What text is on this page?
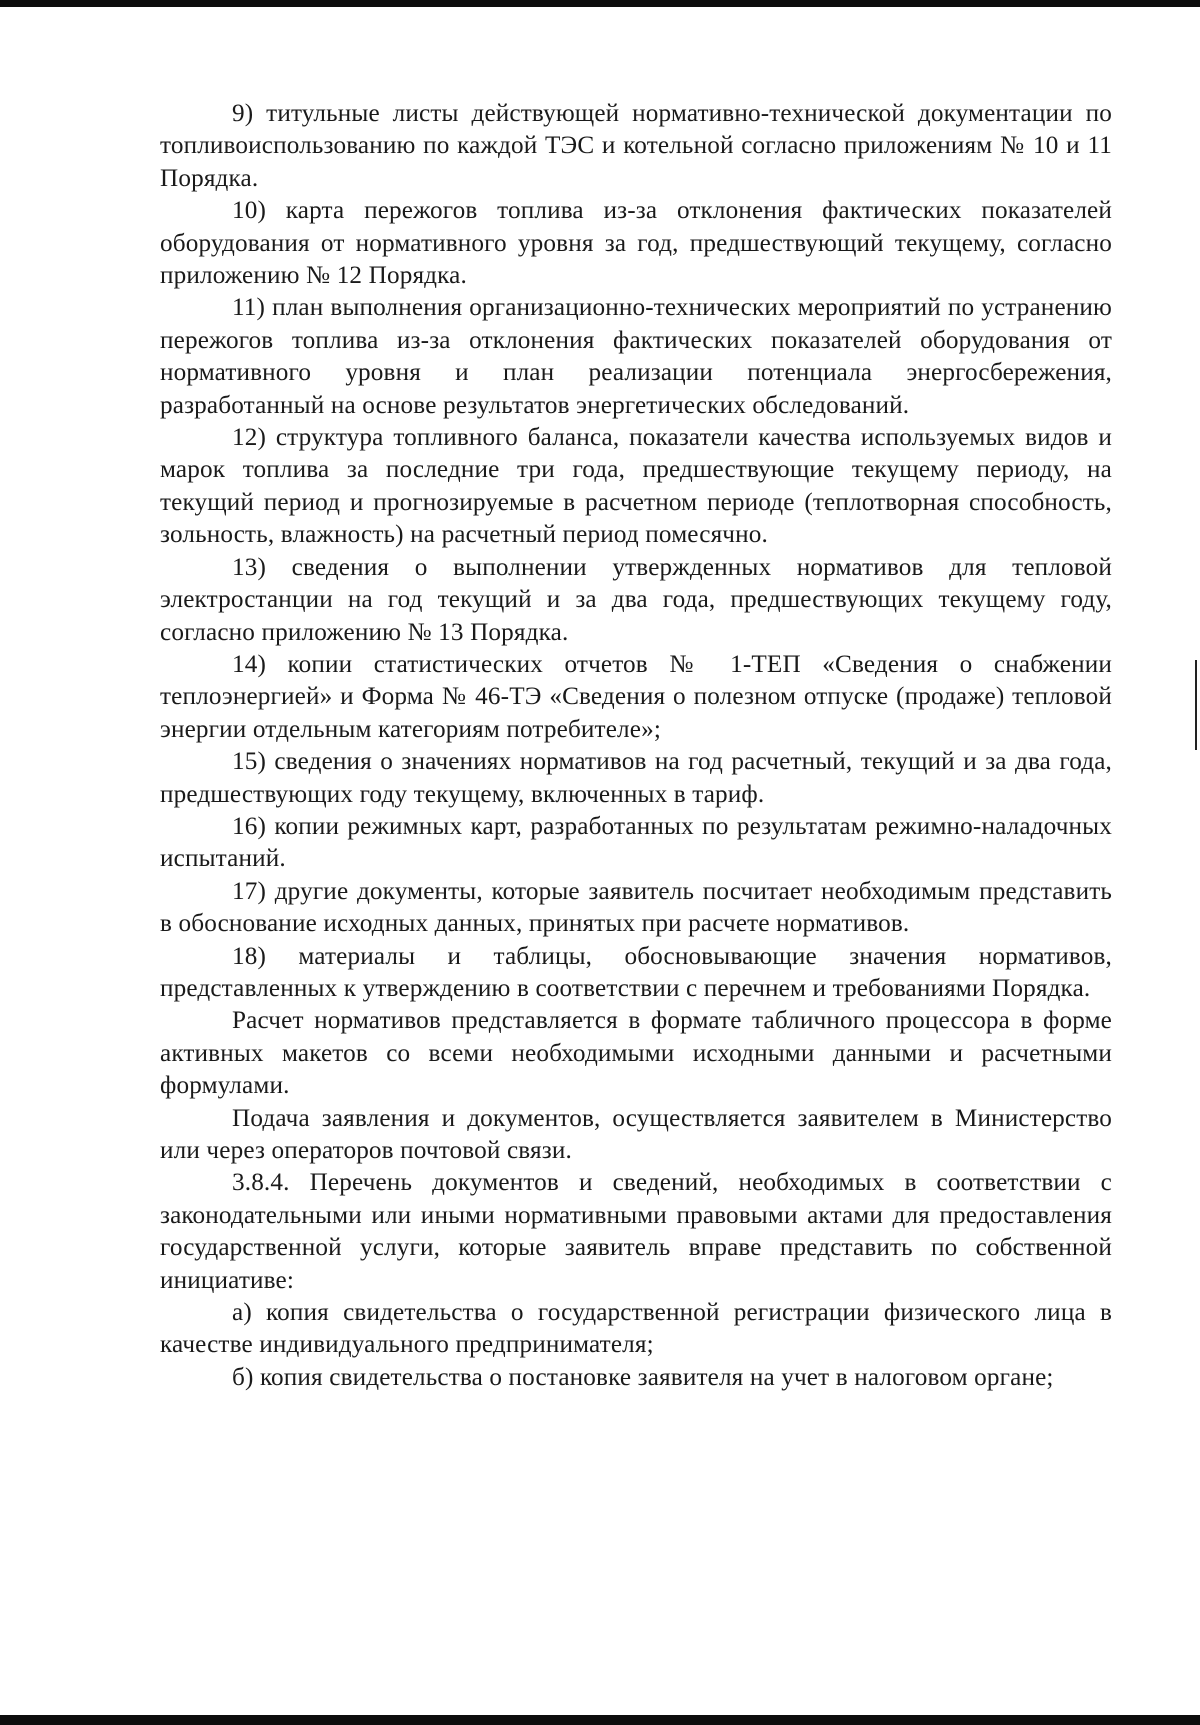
9) титульные листы действующей нормативно-технической документации по топливоиспользованию по каждой ТЭС и котельной согласно приложениям № 10 и 11 Порядка.

10) карта пережогов топлива из-за отклонения фактических показателей оборудования от нормативного уровня за год, предшествующий текущему, согласно приложению № 12 Порядка.

11) план выполнения организационно-технических мероприятий по устранению пережогов топлива из-за отклонения фактических показателей оборудования от нормативного уровня и план реализации потенциала энергосбережения, разработанный на основе результатов энергетических обследований.

12) структура топливного баланса, показатели качества используемых видов и марок топлива за последние три года, предшествующие текущему периоду, на текущий период и прогнозируемые в расчетном периоде (теплотворная способность, зольность, влажность) на расчетный период помесячно.

13) сведения о выполнении утвержденных нормативов для тепловой электростанции на год текущий и за два года, предшествующих текущему году, согласно приложению № 13 Порядка.

14) копии статистических отчетов № 1-ТЕП «Сведения о снабжении теплоэнергией» и Форма № 46-ТЭ «Сведения о полезном отпуске (продаже) тепловой энергии отдельным категориям потребителе»;

15) сведения о значениях нормативов на год расчетный, текущий и за два года, предшествующих году текущему, включенных в тариф.

16) копии режимных карт, разработанных по результатам режимно-наладочных испытаний.

17) другие документы, которые заявитель посчитает необходимым представить в обоснование исходных данных, принятых при расчете нормативов.

18) материалы и таблицы, обосновывающие значения нормативов, представленных к утверждению в соответствии с перечнем и требованиями Порядка.

Расчет нормативов представляется в формате табличного процессора в форме активных макетов со всеми необходимыми исходными данными и расчетными формулами.

Подача заявления и документов, осуществляется заявителем в Министерство или через операторов почтовой связи.

3.8.4. Перечень документов и сведений, необходимых в соответствии с законодательными или иными нормативными правовыми актами для предоставления государственной услуги, которые заявитель вправе представить по собственной инициативе:

а) копия свидетельства о государственной регистрации физического лица в качестве индивидуального предпринимателя;

б) копия свидетельства о постановке заявителя на учет в налоговом органе;
